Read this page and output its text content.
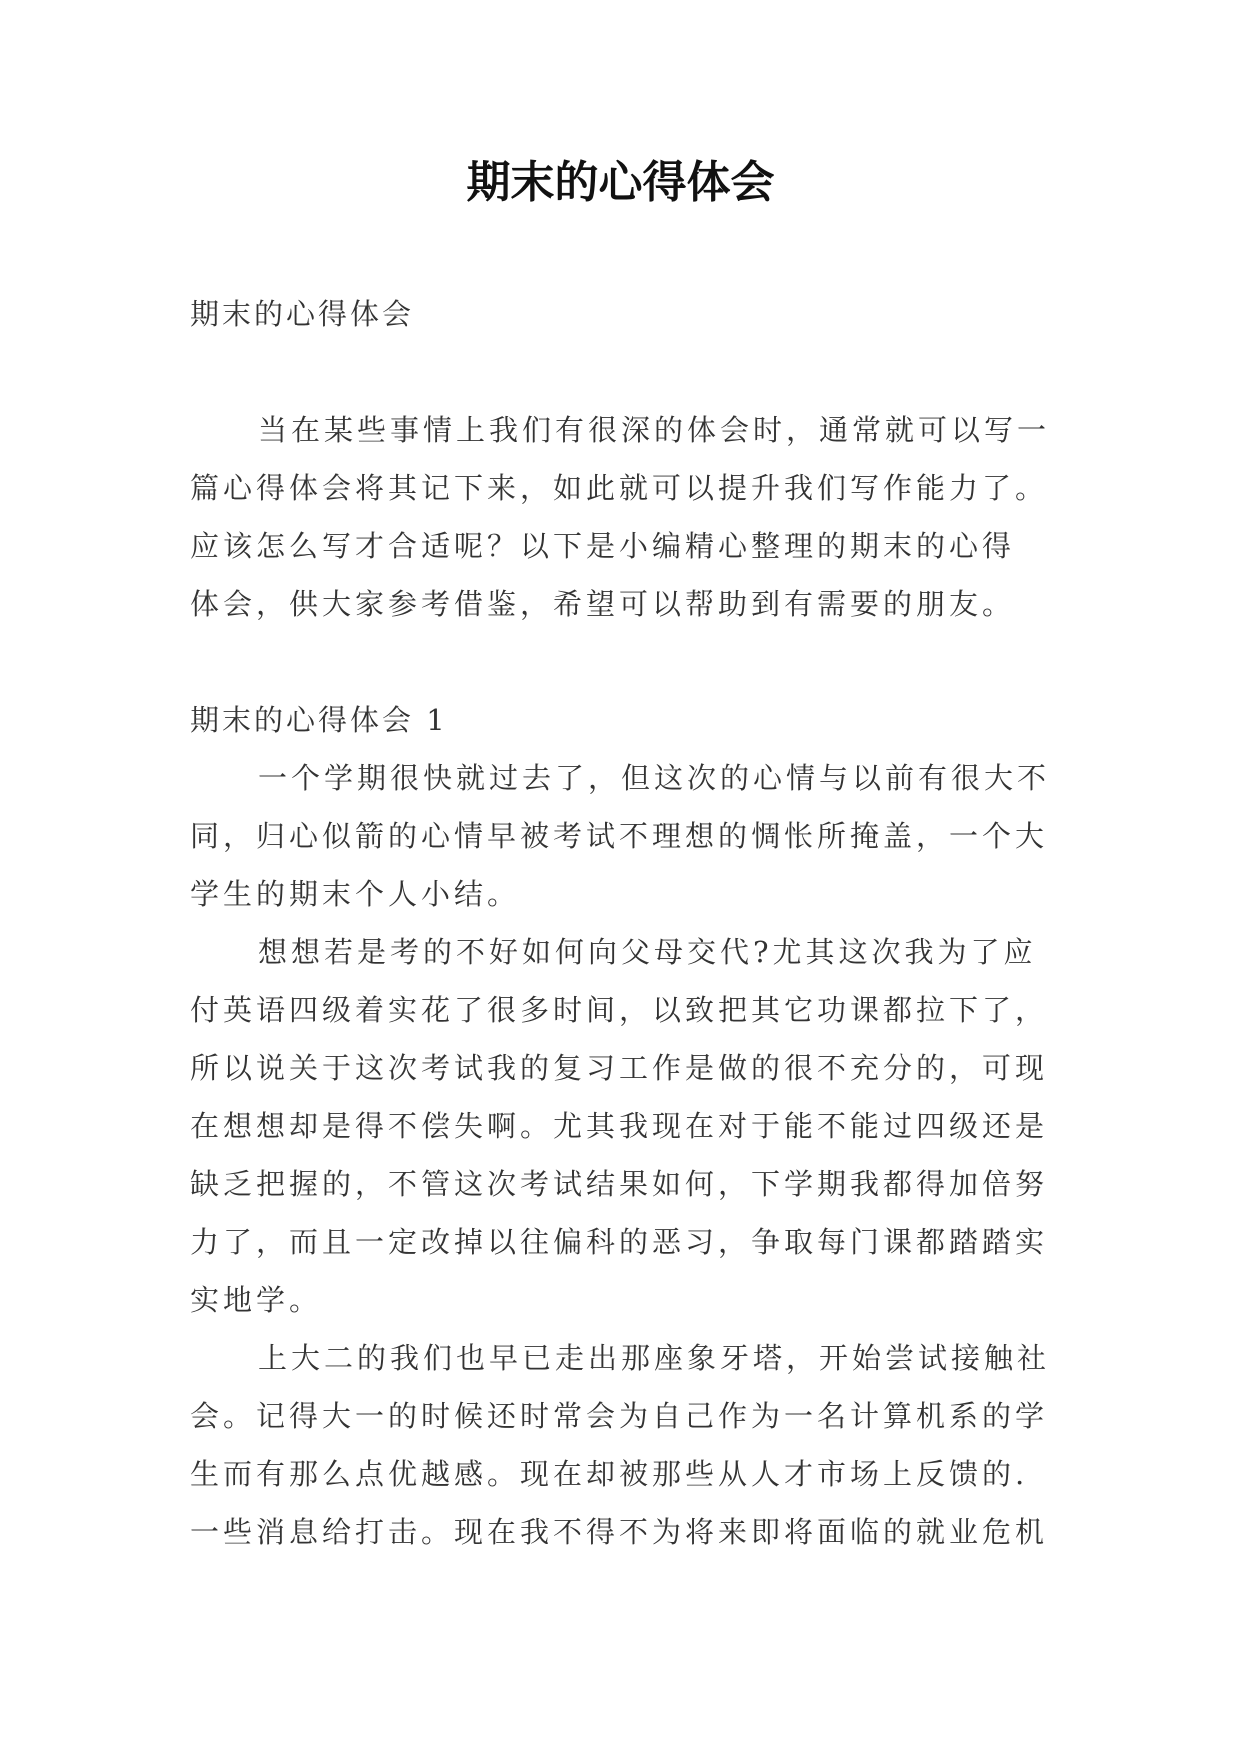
期末的心得体会
期末的心得体会
当在某些事情上我们有很深的体会时，通常就可以写一
篇心得体会将其记下来，如此就可以提升我们写作能力了。
应该怎么写才合适呢？以下是小编精心整理的期末的心得
体会，供大家参考借鉴，希望可以帮助到有需要的朋友。
期末的心得体会 1
一个学期很快就过去了，但这次的心情与以前有很大不
同，归心似箭的心情早被考试不理想的惆怅所掩盖，一个大
学生的期末个人小结。
想想若是考的不好如何向父母交代?尤其这次我为了应
付英语四级着实花了很多时间，以致把其它功课都拉下了，
所以说关于这次考试我的复习工作是做的很不充分的，可现
在想想却是得不偿失啊。尤其我现在对于能不能过四级还是
缺乏把握的，不管这次考试结果如何，下学期我都得加倍努
力了，而且一定改掉以往偏科的恶习，争取每门课都踏踏实
实地学。
上大二的我们也早已走出那座象牙塔，开始尝试接触社
会。记得大一的时候还时常会为自己作为一名计算机系的学
生而有那么点优越感。现在却被那些从人才市场上反馈的.
一些消息给打击。现在我不得不为将来即将面临的就业危机
